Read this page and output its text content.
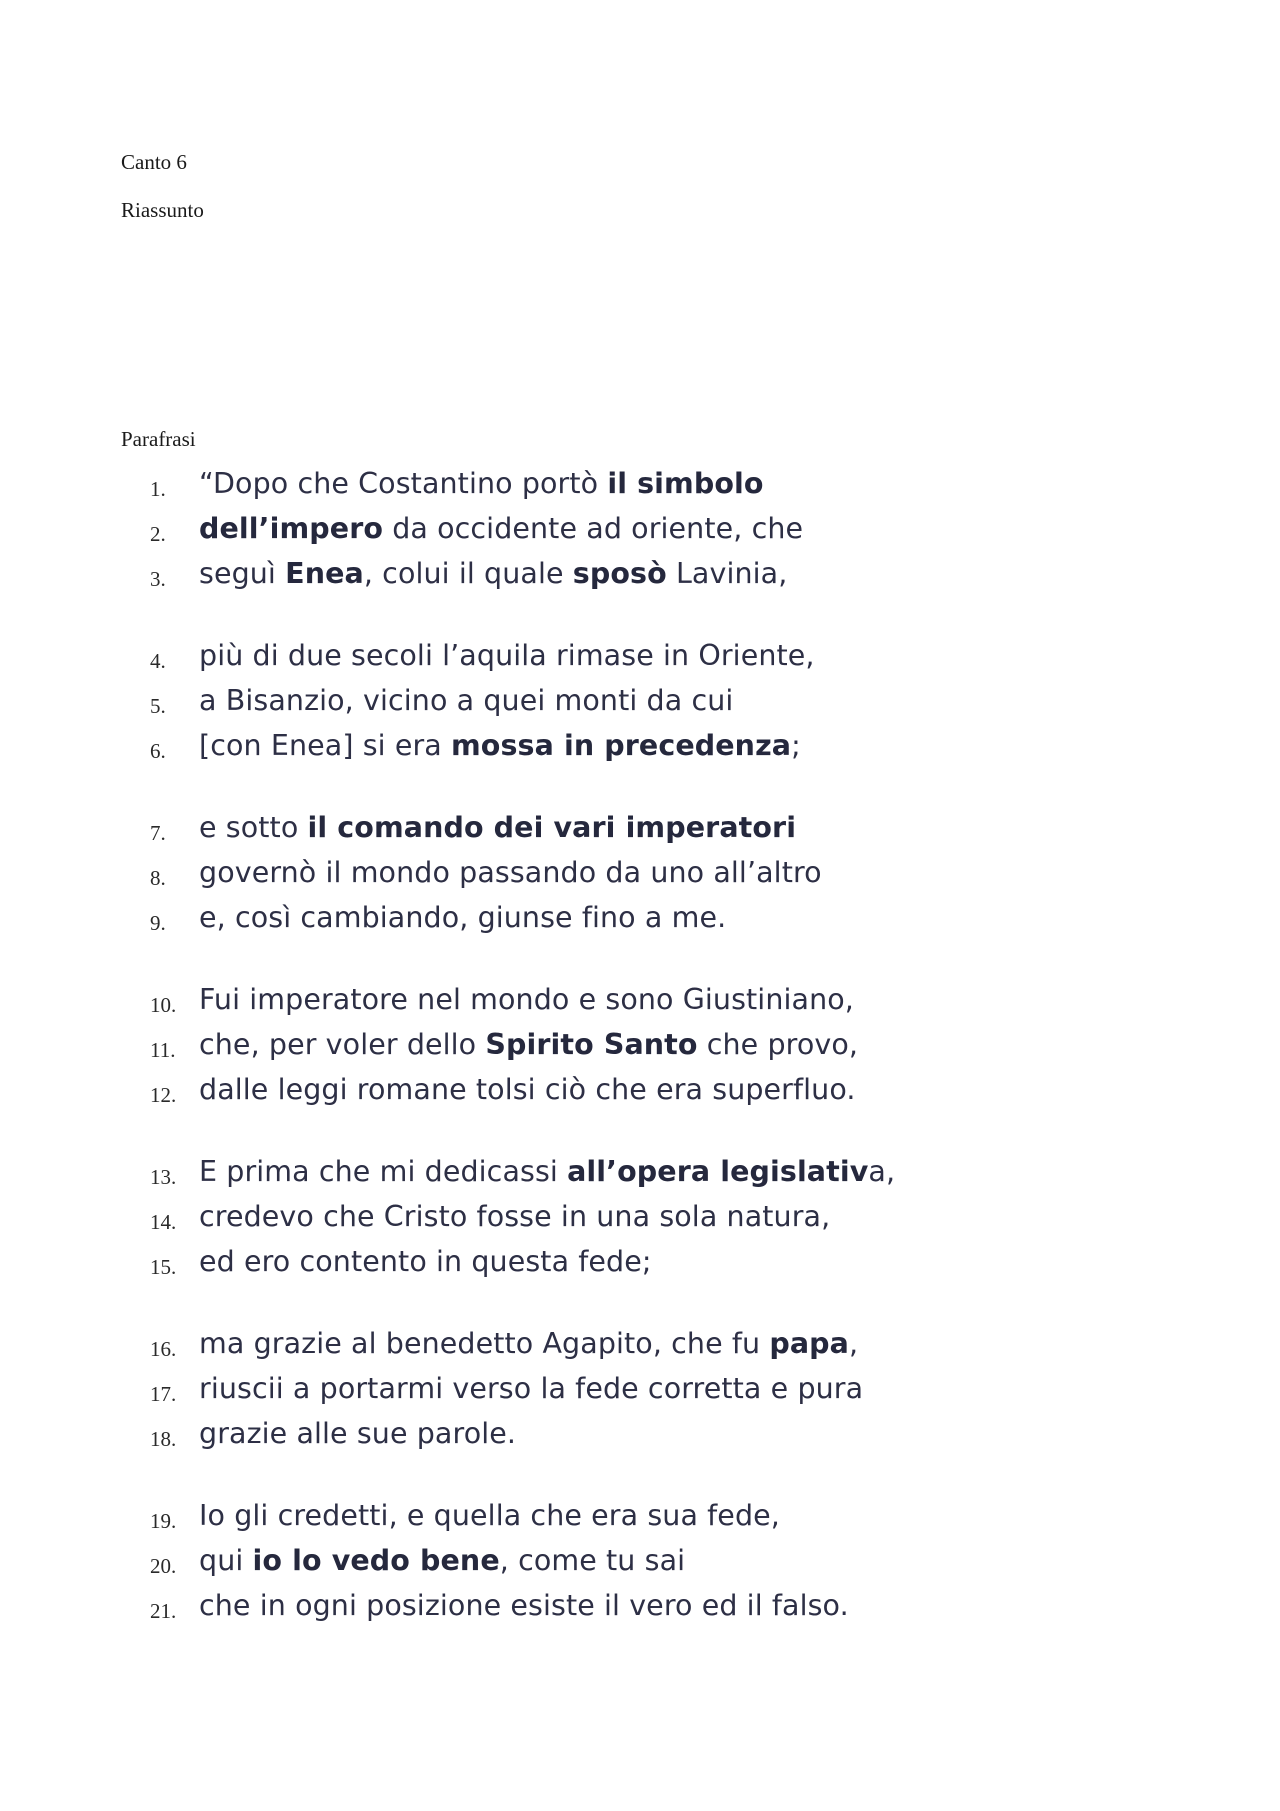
Canto 6

Riassunto

Parafrasi

1.	“Dopo che Costantino portò il simbolo
2.	dell’impero da occidente ad oriente, che
3.	seguì Enea, colui il quale sposò Lavinia,
4.	più di due secoli l’aquila rimase in Oriente,
5.	a Bisanzio, vicino a quei monti da cui
6.	[con Enea] si era mossa in precedenza;
7.	e sotto il comando dei vari imperatori
8.	governò il mondo passando da uno all’altro
9.	e, così cambiando, giunse fino a me.
10. Fui imperatore nel mondo e sono Giustiniano,
11. che, per voler dello Spirito Santo che provo,
12. dalle leggi romane tolsi ciò che era superfluo.
13. E prima che mi dedicassi all’opera legislativa,
14. credevo che Cristo fosse in una sola natura,
15. ed ero contento in questa fede;
16. ma grazie al benedetto Agapito, che fu papa,
17. riuscii a portarmi verso la fede corretta e pura
18. grazie alle sue parole.
19. Io gli credetti, e quella che era sua fede,
20. qui io lo vedo bene, come tu sai
21. che in ogni posizione esiste il vero ed il falso.
